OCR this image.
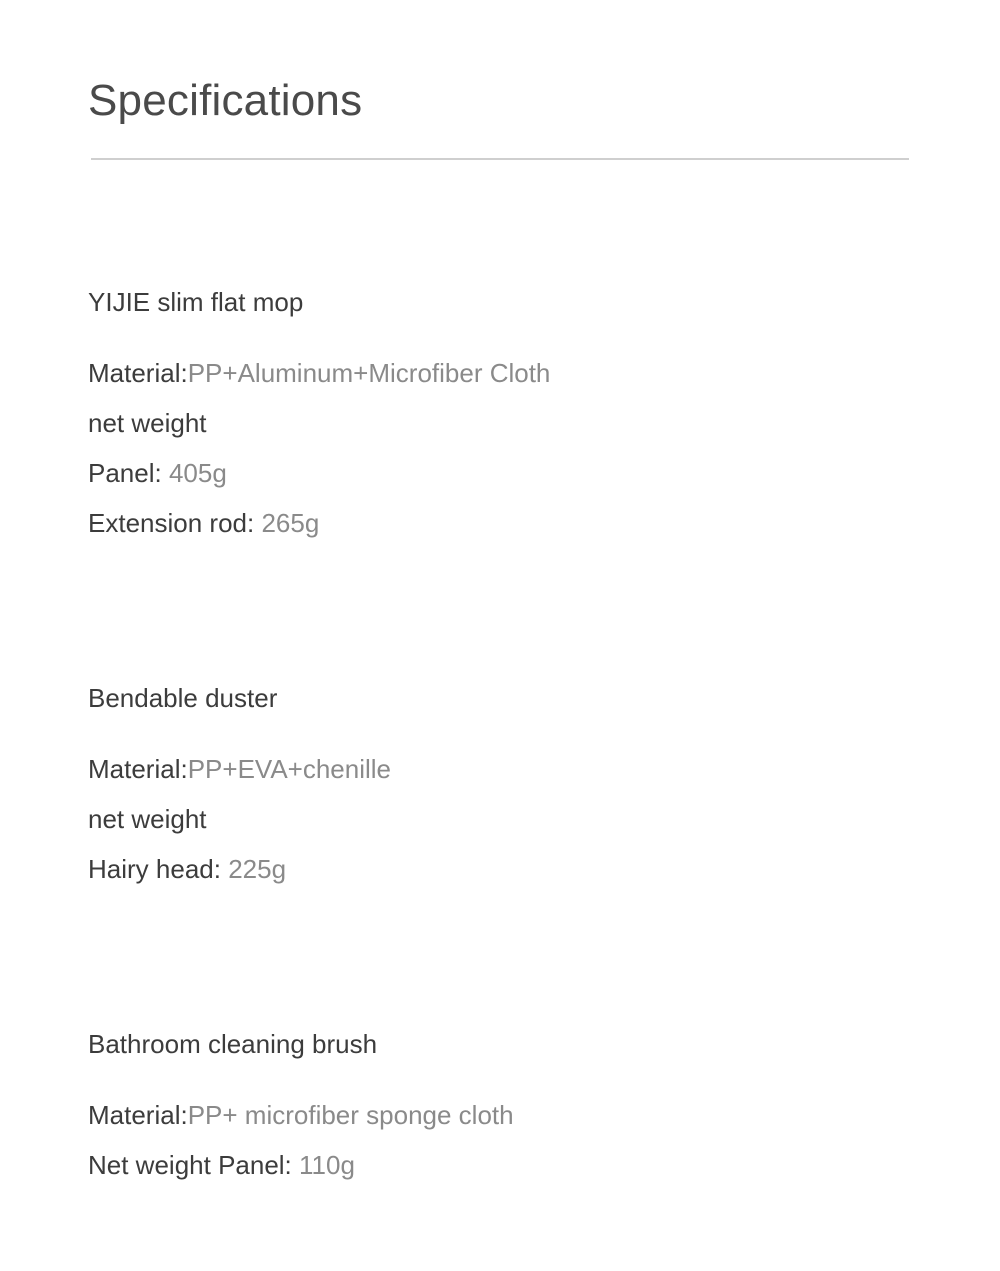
Specifications
YIJIE slim flat mop
Material:PP+Aluminum+Microfiber Cloth
net weight
Panel: 405g
Extension rod: 265g
Bendable duster
Material:PP+EVA+chenille
net weight
Hairy head: 225g
Bathroom cleaning brush
Material:PP+ microfiber sponge cloth
Net weight Panel: 110g
